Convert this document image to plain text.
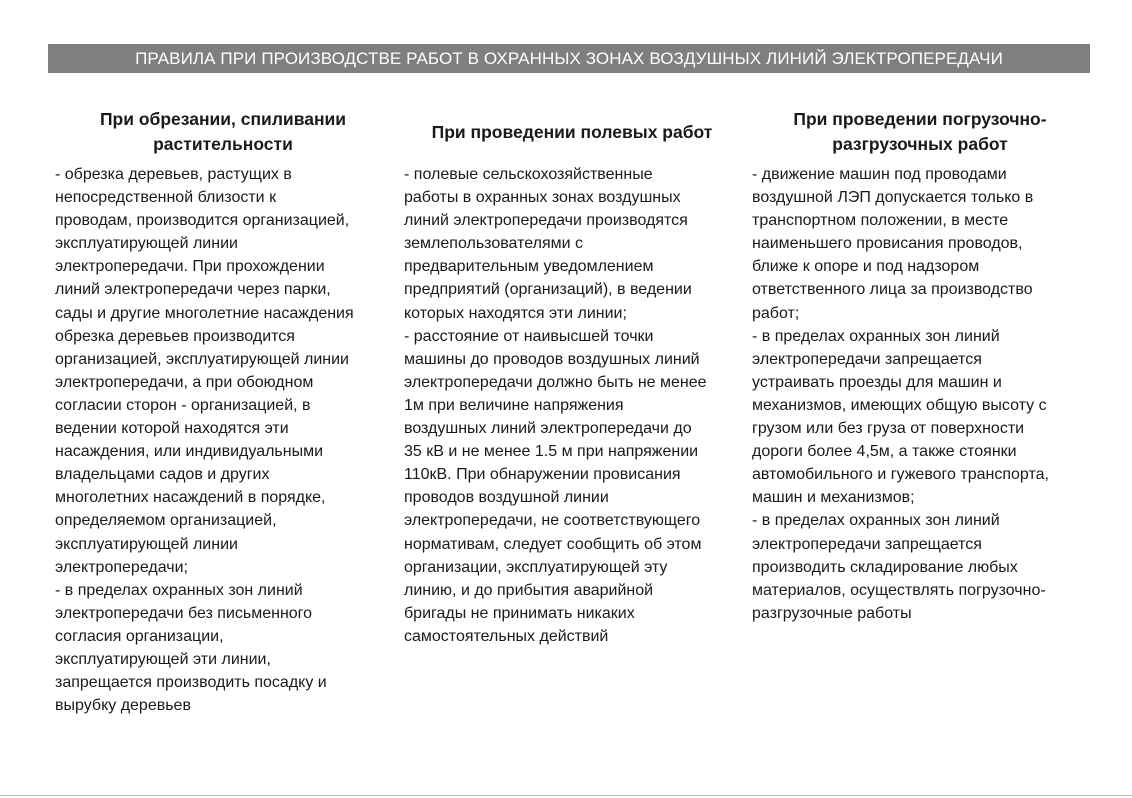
ПРАВИЛА ПРИ ПРОИЗВОДСТВЕ РАБОТ В ОХРАННЫХ ЗОНАХ ВОЗДУШНЫХ ЛИНИЙ ЭЛЕКТРОПЕРЕДАЧИ
При обрезании, спиливании растительности
- обрезка деревьев, растущих в
непосредственной близости к
проводам, производится организацией,
эксплуатирующей линии
электропередачи. При прохождении
линий электропередачи через парки,
сады и другие многолетние насаждения
обрезка деревьев производится
организацией, эксплуатирующей линии
электропередачи, а при обоюдном
согласии сторон - организацией, в
ведении которой находятся эти
насаждения, или индивидуальными
владельцами садов и других
многолетних насаждений в порядке,
определяемом организацией,
эксплуатирующей линии
электропередачи;
- в пределах охранных зон линий
электропередачи без письменного
согласия организации,
эксплуатирующей эти линии,
запрещается производить посадку и
вырубку деревьев
При проведении полевых работ
- полевые сельскохозяйственные
работы в охранных зонах воздушных
линий электропередачи производятся
землепользователями с
предварительным уведомлением
предприятий (организаций), в ведении
которых находятся эти линии;
- расстояние от наивысшей точки
машины до проводов воздушных линий
электропередачи должно быть не менее
1м при величине напряжения
воздушных линий электропередачи до
35 кВ и не менее 1.5 м при напряжении
110кВ. При обнаружении провисания
проводов воздушной линии
электропередачи, не соответствующего
нормативам, следует сообщить об этом
организации, эксплуатирующей эту
линию, и до прибытия аварийной
бригады не принимать никаких
самостоятельных действий
При проведении погрузочно-разгрузочных работ
- движение машин под проводами
воздушной ЛЭП допускается только в
транспортном положении, в месте
наименьшего провисания проводов,
ближе к опоре и под надзором
ответственного лица за производство
работ;
- в пределах охранных зон линий
электропередачи запрещается
устраивать проезды для машин и
механизмов, имеющих общую высоту с
грузом или без груза от поверхности
дороги более 4,5м, а также стоянки
автомобильного и гужевого транспорта,
машин и механизмов;
- в пределах охранных зон линий
электропередачи запрещается
производить складирование любых
материалов, осуществлять погрузочно-
разгрузочные работы
